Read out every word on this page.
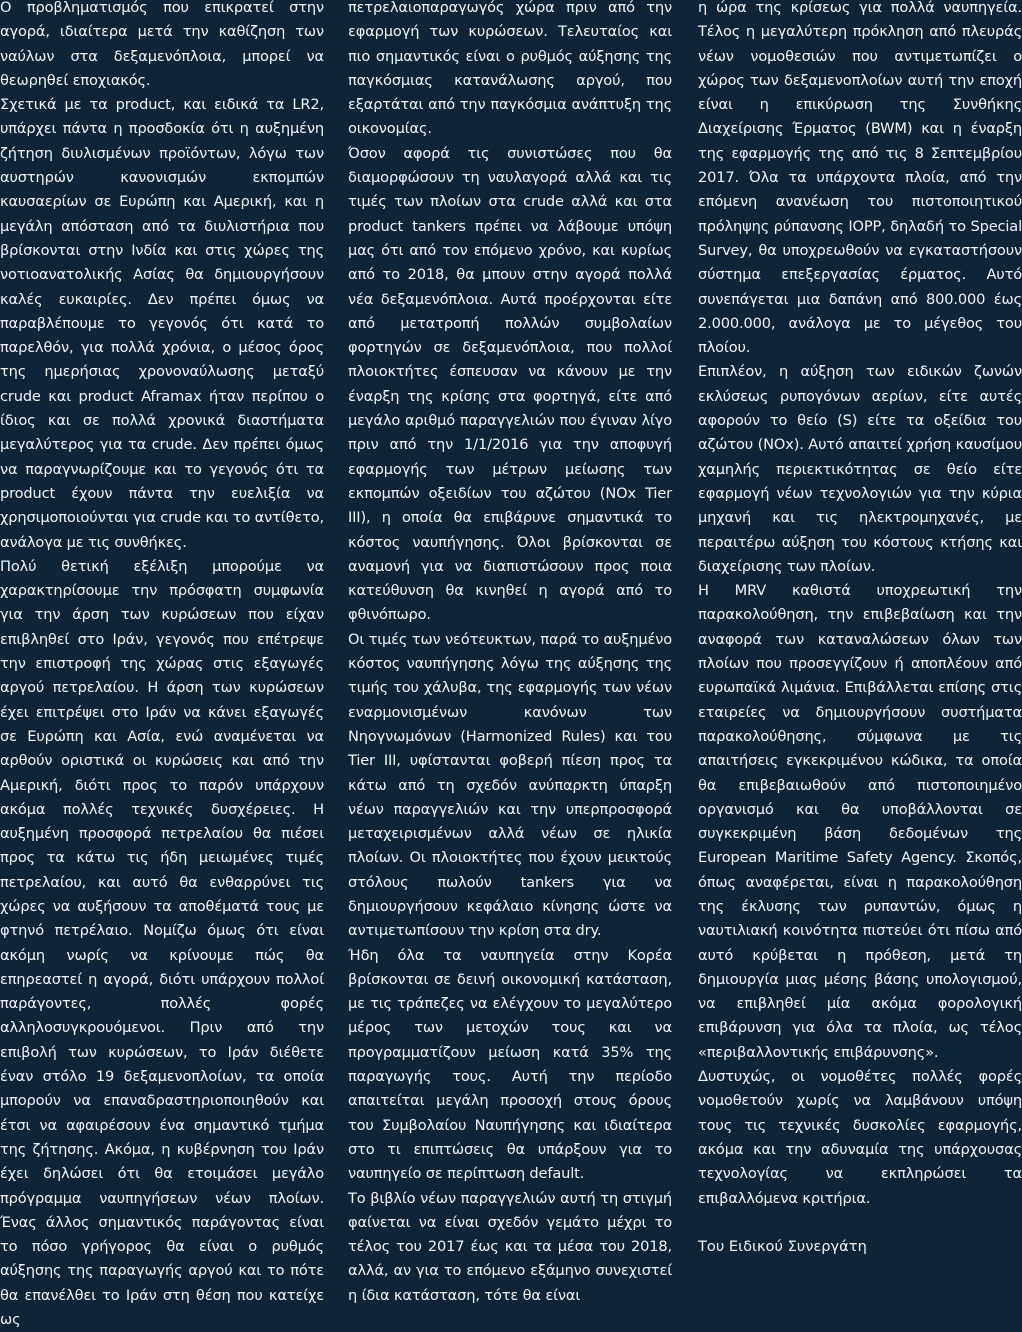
Ο προβληματισμός που επικρατεί στην αγορά, ιδιαίτερα μετά την καθίζηση των ναύλων στα δεξαμενόπλοια, μπορεί να θεωρηθεί εποχιακός.

Σχετικά με τα product, και ειδικά τα LR2, υπάρχει πάντα η προσδοκία ότι η αυξημένη ζήτηση διυλισμένων προϊόντων, λόγω των αυστηρών κανονισμών εκπομπών καυσαερίων σε Ευρώπη και Αμερική, και η μεγάλη απόσταση από τα διυλιστήρια που βρίσκονται στην Ινδία και στις χώρες της νοτιοανατολικής Ασίας θα δημιουργήσουν καλές ευκαιρίες. Δεν πρέπει όμως να παραβλέπουμε το γεγονός ότι κατά το παρελθόν, για πολλά χρόνια, ο μέσος όρος της ημερήσιας χρονοναύλωσης μεταξύ crude και product Aframax ήταν περίπου ο ίδιος και σε πολλά χρονικά διαστήματα μεγαλύτερος για τα crude. Δεν πρέπει όμως να παραγνωρίζουμε και το γεγονός ότι τα product έχουν πάντα την ευελιξία να χρησιμοποιούνται για crude και το αντίθετο, ανάλογα με τις συνθήκες.

Πολύ θετική εξέλιξη μπορούμε να χαρακτηρίσουμε την πρόσφατη συμφωνία για την άρση των κυρώσεων που είχαν επιβληθεί στο Ιράν, γεγονός που επέτρεψε την επιστροφή της χώρας στις εξαγωγές αργού πετρελαίου. Η άρση των κυρώσεων έχει επιτρέψει στο Ιράν να κάνει εξαγωγές σε Ευρώπη και Ασία, ενώ αναμένεται να αρθούν οριστικά οι κυρώσεις και από την Αμερική, διότι προς το παρόν υπάρχουν ακόμα πολλές τεχνικές δυσχέρειες. Η αυξημένη προσφορά πετρελαίου θα πιέσει προς τα κάτω τις ήδη μειωμένες τιμές πετρελαίου, και αυτό θα ενθαρρύνει τις χώρες να αυξήσουν τα αποθέματά τους με φτηνό πετρέλαιο. Νομίζω όμως ότι είναι ακόμη νωρίς να κρίνουμε πώς θα επηρεαστεί η αγορά, διότι υπάρχουν πολλοί παράγοντες, πολλές φορές αλληλοσυγκρουόμενοι. Πριν από την επιβολή των κυρώσεων, το Ιράν διέθετε έναν στόλο 19 δεξαμενοπλοίων, τα οποία μπορούν να επαναδραστηριοποιηθούν και έτσι να αφαιρέσουν ένα σημαντικό τμήμα της ζήτησης. Ακόμα, η κυβέρνηση του Ιράν έχει δηλώσει ότι θα ετοιμάσει μεγάλο πρόγραμμα ναυπηγήσεων νέων πλοίων. Ένας άλλος σημαντικός παράγοντας είναι το πόσο γρήγορος θα είναι ο ρυθμός αύξησης της παραγωγής αργού και το πότε θα επανέλθει το Ιράν στη θέση που κατείχε ως

πετρελαιοπαραγωγός χώρα πριν από την εφαρμογή των κυρώσεων. Τελευταίος και πιο σημαντικός είναι ο ρυθμός αύξησης της παγκόσμιας κατανάλωσης αργού, που εξαρτάται από την παγκόσμια ανάπτυξη της οικονομίας.

Όσον αφορά τις συνιστώσες που θα διαμορφώσουν τη ναυλαγορά αλλά και τις τιμές των πλοίων στα crude αλλά και στα product tankers πρέπει να λάβουμε υπόψη μας ότι από τον επόμενο χρόνο, και κυρίως από το 2018, θα μπουν στην αγορά πολλά νέα δεξαμενόπλοια. Αυτά προέρχονται είτε από μετατροπή πολλών συμβολαίων φορτηγών σε δεξαμενόπλοια, που πολλοί πλοιοκτήτες έσπευσαν να κάνουν με την έναρξη της κρίσης στα φορτηγά, είτε από μεγάλο αριθμό παραγγελιών που έγιναν λίγο πριν από την 1/1/2016 για την αποφυγή εφαρμογής των μέτρων μείωσης των εκπομπών οξειδίων του αζώτου (NOx Tier III), η οποία θα επιβάρυνε σημαντικά το κόστος ναυπήγησης. Όλοι βρίσκονται σε αναμονή για να διαπιστώσουν προς ποια κατεύθυνση θα κινηθεί η αγορά από το φθινόπωρο.

Οι τιμές των νεότευκτων, παρά το αυξημένο κόστος ναυπήγησης λόγω της αύξησης της τιμής του χάλυβα, της εφαρμογής των νέων εναρμονισμένων κανόνων των Νηογνωμόνων (Harmonized Rules) και του Tier III, υφίστανται φοβερή πίεση προς τα κάτω από τη σχεδόν ανύπαρκτη ύπαρξη νέων παραγγελιών και την υπερπροσφορά μεταχειρισμένων αλλά νέων σε ηλικία πλοίων. Οι πλοιοκτήτες που έχουν μεικτούς στόλους πωλούν tankers για να δημιουργήσουν κεφάλαιο κίνησης ώστε να αντιμετωπίσουν την κρίση στα dry.

Ήδη όλα τα ναυπηγεία στην Κορέα βρίσκονται σε δεινή οικονομική κατάσταση, με τις τράπεζες να ελέγχουν το μεγαλύτερο μέρος των μετοχών τους και να προγραμματίζουν μείωση κατά 35% της παραγωγής τους. Αυτή την περίοδο απαιτείται μεγάλη προσοχή στους όρους του Συμβολαίου Ναυπήγησης και ιδιαίτερα στο τι επιπτώσεις θα υπάρξουν για το ναυπηγείο σε περίπτωση default.

Το βιβλίο νέων παραγγελιών αυτή τη στιγμή φαίνεται να είναι σχεδόν γεμάτο μέχρι το τέλος του 2017 έως και τα μέσα του 2018, αλλά, αν για το επόμενο εξάμηνο συνεχιστεί η ίδια κατάσταση, τότε θα είναι

η ώρα της κρίσεως για πολλά ναυπηγεία. Τέλος η μεγαλύτερη πρόκληση από πλευράς νέων νομοθεσιών που αντιμετωπίζει ο χώρος των δεξαμενοπλοίων αυτή την εποχή είναι η επικύρωση της Συνθήκης Διαχείρισης Έρματος (BWM) και η έναρξη της εφαρμογής της από τις 8 Σεπτεμβρίου 2017. Όλα τα υπάρχοντα πλοία, από την επόμενη ανανέωση του πιστοποιητικού πρόληψης ρύπανσης IOPP, δηλαδή το Special Survey, θα υποχρεωθούν να εγκαταστήσουν σύστημα επεξεργασίας έρματος. Αυτό συνεπάγεται μια δαπάνη από 800.000 έως 2.000.000, ανάλογα με το μέγεθος του πλοίου.

Επιπλέον, η αύξηση των ειδικών ζωνών εκλύσεως ρυπογόνων αερίων, είτε αυτές αφορούν το θείο (S) είτε τα οξείδια του αζώτου (NOx). Αυτό απαιτεί χρήση καυσίμου χαμηλής περιεκτικότητας σε θείο είτε εφαρμογή νέων τεχνολογιών για την κύρια μηχανή και τις ηλεκτρομηχανές, με περαιτέρω αύξηση του κόστους κτήσης και διαχείρισης των πλοίων.

Η MRV καθιστά υποχρεωτική την παρακολούθηση, την επιβεβαίωση και την αναφορά των καταναλώσεων όλων των πλοίων που προσεγγίζουν ή αποπλέουν από ευρωπαϊκά λιμάνια. Επιβάλλεται επίσης στις εταιρείες να δημιουργήσουν συστήματα παρακολούθησης, σύμφωνα με τις απαιτήσεις εγκεκριμένου κώδικα, τα οποία θα επιβεβαιωθούν από πιστοποιημένο οργανισμό και θα υποβάλλονται σε συγκεκριμένη βάση δεδομένων της European Maritime Safety Agency. Σκοπός, όπως αναφέρεται, είναι η παρακολούθηση της έκλυσης των ρυπαντών, όμως η ναυτιλιακή κοινότητα πιστεύει ότι πίσω από αυτό κρύβεται η πρόθεση, μετά τη δημιουργία μιας μέσης βάσης υπολογισμού, να επιβληθεί μία ακόμα φορολογική επιβάρυνση για όλα τα πλοία, ως τέλος «περιβαλλοντικής επιβάρυνσης».

Δυστυχώς, οι νομοθέτες πολλές φορές νομοθετούν χωρίς να λαμβάνουν υπόψη τους τις τεχνικές δυσκολίες εφαρμογής, ακόμα και την αδυναμία της υπάρχουσας τεχνολογίας να εκπληρώσει τα επιβαλλόμενα κριτήρια.

Του Ειδικού Συνεργάτη
